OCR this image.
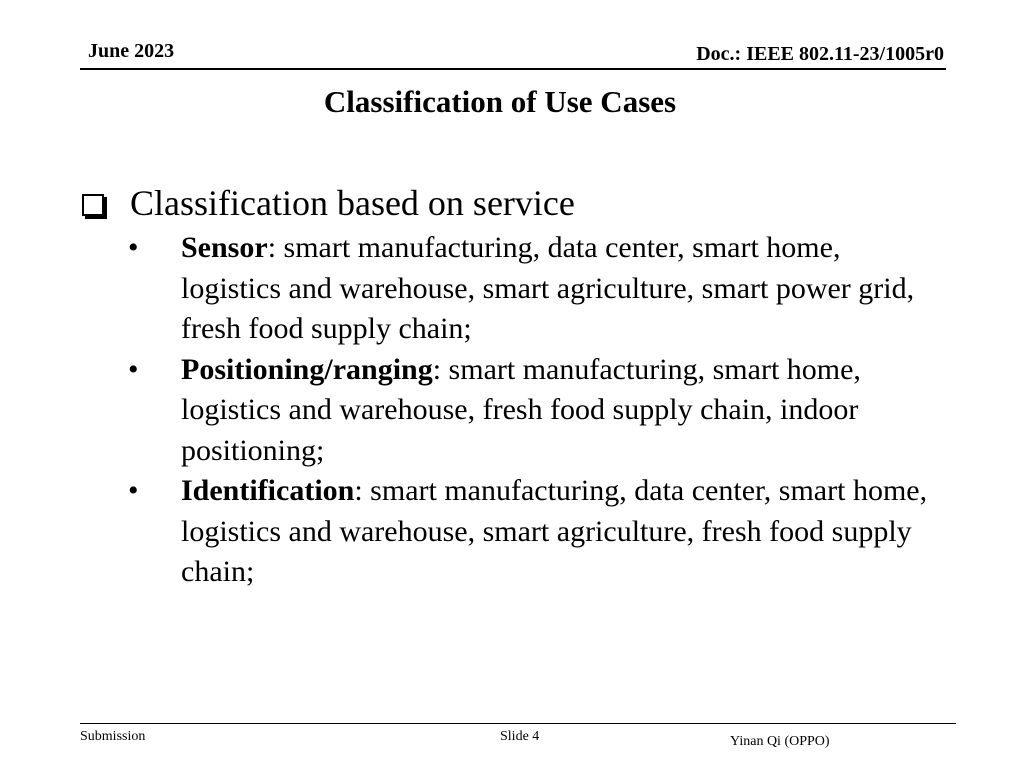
June 2023	Doc.: IEEE 802.11-23/1005r0
Classification of Use Cases
Classification based on service
•	Sensor: smart manufacturing, data center, smart home, logistics and warehouse, smart agriculture, smart power grid, fresh food supply chain;
•	Positioning/ranging: smart manufacturing, smart home, logistics and warehouse, fresh food supply chain, indoor positioning;
•	Identification: smart manufacturing, data center, smart home, logistics and warehouse, smart agriculture, fresh food supply chain;
Submission	Slide 4	Yinan Qi (OPPO)
